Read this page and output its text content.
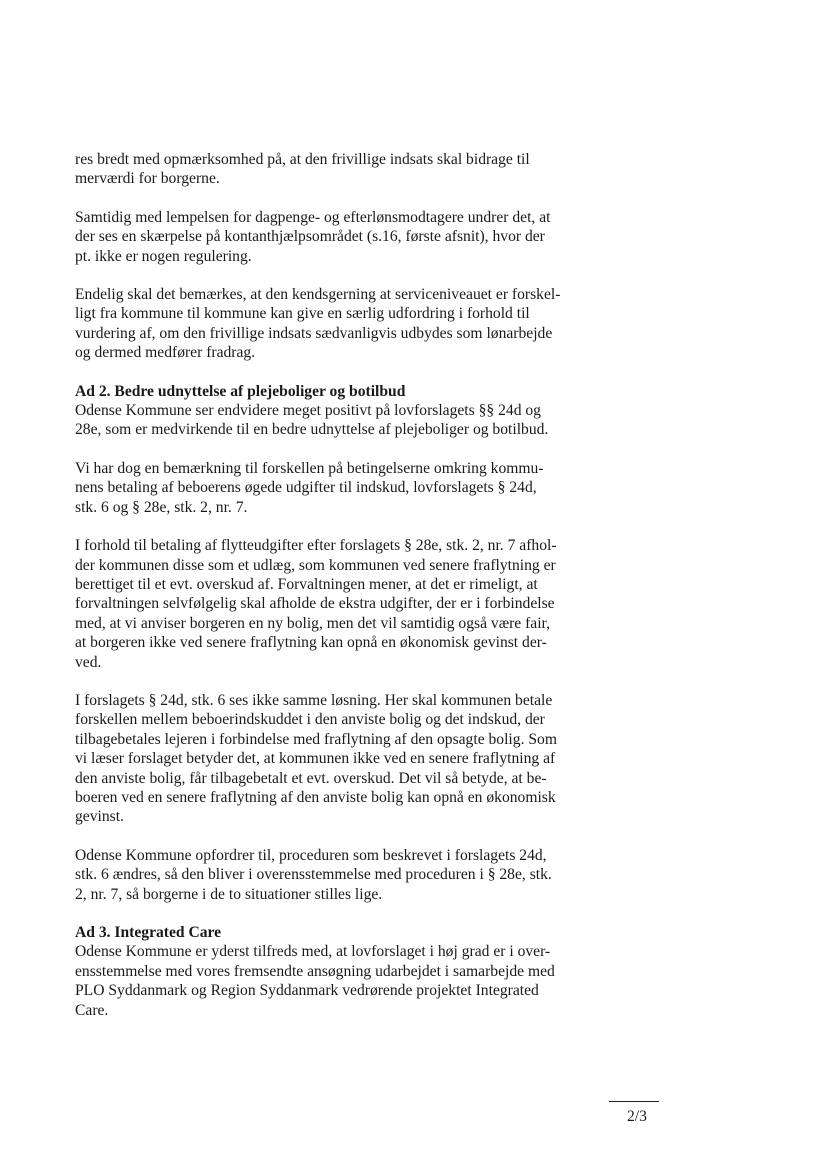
res bredt med opmærksomhed på, at den frivillige indsats skal bidrage til
merværdi for borgerne.
Samtidig med lempelsen for dagpenge- og efterlønsmodtagere undrer det, at
der ses en skærpelse på kontanthjælpsområdet (s.16, første afsnit), hvor der
pt. ikke er nogen regulering.
Endelig skal det bemærkes, at den kendsgerning at serviceniveauet er forskel-
ligt fra kommune til kommune kan give en særlig udfordring i forhold til
vurdering af, om den frivillige indsats sædvanligvis udbydes som lønarbejde
og dermed medfører fradrag.
Ad 2. Bedre udnyttelse af plejeboliger og botilbud
Odense Kommune ser endvidere meget positivt på lovforslagets §§ 24d og
28e, som er medvirkende til en bedre udnyttelse af plejeboliger og botilbud.
Vi har dog en bemærkning til forskellen på betingelserne omkring kommu-
nens betaling af beboerens øgede udgifter til indskud, lovforslagets § 24d,
stk. 6 og § 28e, stk. 2, nr. 7.
I forhold til betaling af flytteudgifter efter forslagets § 28e, stk. 2, nr. 7 afhol-
der kommunen disse som et udlæg, som kommunen ved senere fraflytning er
berettiget til et evt. overskud af. Forvaltningen mener, at det er rimeligt, at
forvaltningen selvfølgelig skal afholde de ekstra udgifter, der er i forbindelse
med, at vi anviser borgeren en ny bolig, men det vil samtidig også være fair,
at borgeren ikke ved senere fraflytning kan opnå en økonomisk gevinst der-
ved.
I forslagets § 24d, stk. 6 ses ikke samme løsning. Her skal kommunen betale
forskellen mellem beboerindskuddet i den anviste bolig og det indskud, der
tilbagebetales lejeren i forbindelse med fraflytning af den opsagte bolig. Som
vi læser forslaget betyder det, at kommunen ikke ved en senere fraflytning af
den anviste bolig, får tilbagebetalt et evt. overskud. Det vil så betyde, at be-
boeren ved en senere fraflytning af den anviste bolig kan opnå en økonomisk
gevinst.
Odense Kommune opfordrer til, proceduren som beskrevet i forslagets 24d,
stk. 6 ændres, så den bliver i overensstemmelse med proceduren i § 28e, stk.
2, nr. 7, så borgerne i de to situationer stilles lige.
Ad 3. Integrated Care
Odense Kommune er yderst tilfreds med, at lovforslaget i høj grad er i over-
ensstemmelse med vores fremsendte ansøgning udarbejdet i samarbejde med
PLO Syddanmark og Region Syddanmark vedrørende projektet Integrated
Care.
2/3
